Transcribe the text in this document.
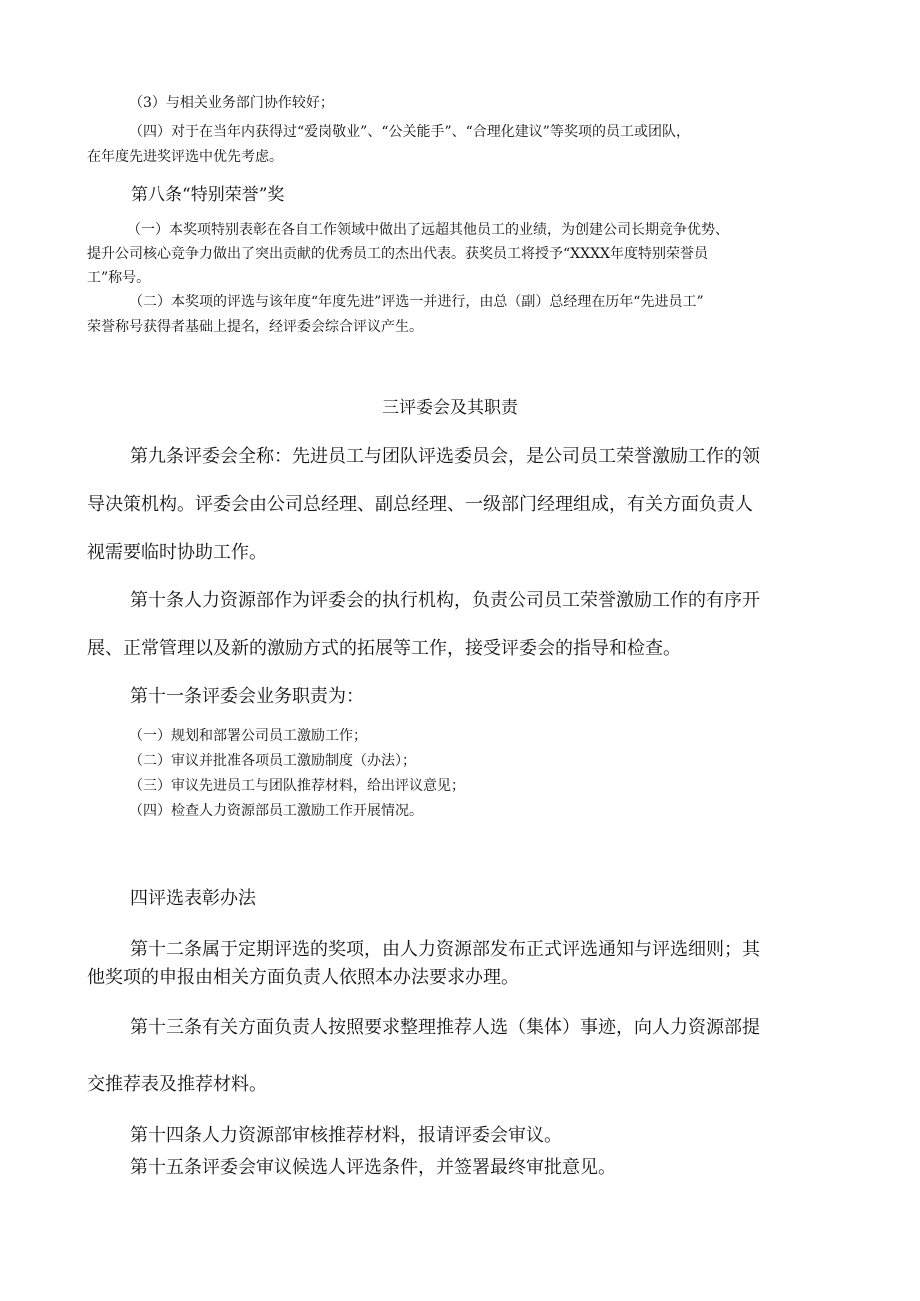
（3）与相关业务部门协作较好；

（四）对于在当年内获得过“爱岗敬业”、“公关能手”、“合理化建议”等奖项的员工或团队，

在年度先进奖评选中优先考虑。

第八条“特别荣誉”奖

（一）本奖项特别表彰在各自工作领域中做出了远超其他员工的业绩，为创建公司长期竞争优势、

提升公司核心竞争力做出了突出贡献的优秀员工的杰出代表。获奖员工将授予“XXXX年度特别荣誉员

工”称号。

（二）本奖项的评选与该年度“年度先进”评选一并进行，由总（副）总经理在历年“先进员工”

荣誉称号获得者基础上提名，经评委会综合评议产生。

三评委会及其职责

第九条评委会全称：先进员工与团队评选委员会，是公司员工荣誉激励工作的领

导决策机构。评委会由公司总经理、副总经理、一级部门经理组成，有关方面负责人

视需要临时协助工作。

第十条人力资源部作为评委会的执行机构，负责公司员工荣誉激励工作的有序开

展、正常管理以及新的激励方式的拓展等工作，接受评委会的指导和检查。

第十一条评委会业务职责为：

（一）规划和部署公司员工激励工作；

（二）审议并批准各项员工激励制度（办法）；

（三）审议先进员工与团队推荐材料，给出评议意见；

（四）检查人力资源部员工激励工作开展情况。

四评选表彰办法

第十二条属于定期评选的奖项，由人力资源部发布正式评选通知与评选细则；其

他奖项的申报由相关方面负责人依照本办法要求办理。

第十三条有关方面负责人按照要求整理推荐人选（集体）事迹，向人力资源部提

交推荐表及推荐材料。

第十四条人力资源部审核推荐材料，报请评委会审议。

第十五条评委会审议候选人评选条件，并签署最终审批意见。
